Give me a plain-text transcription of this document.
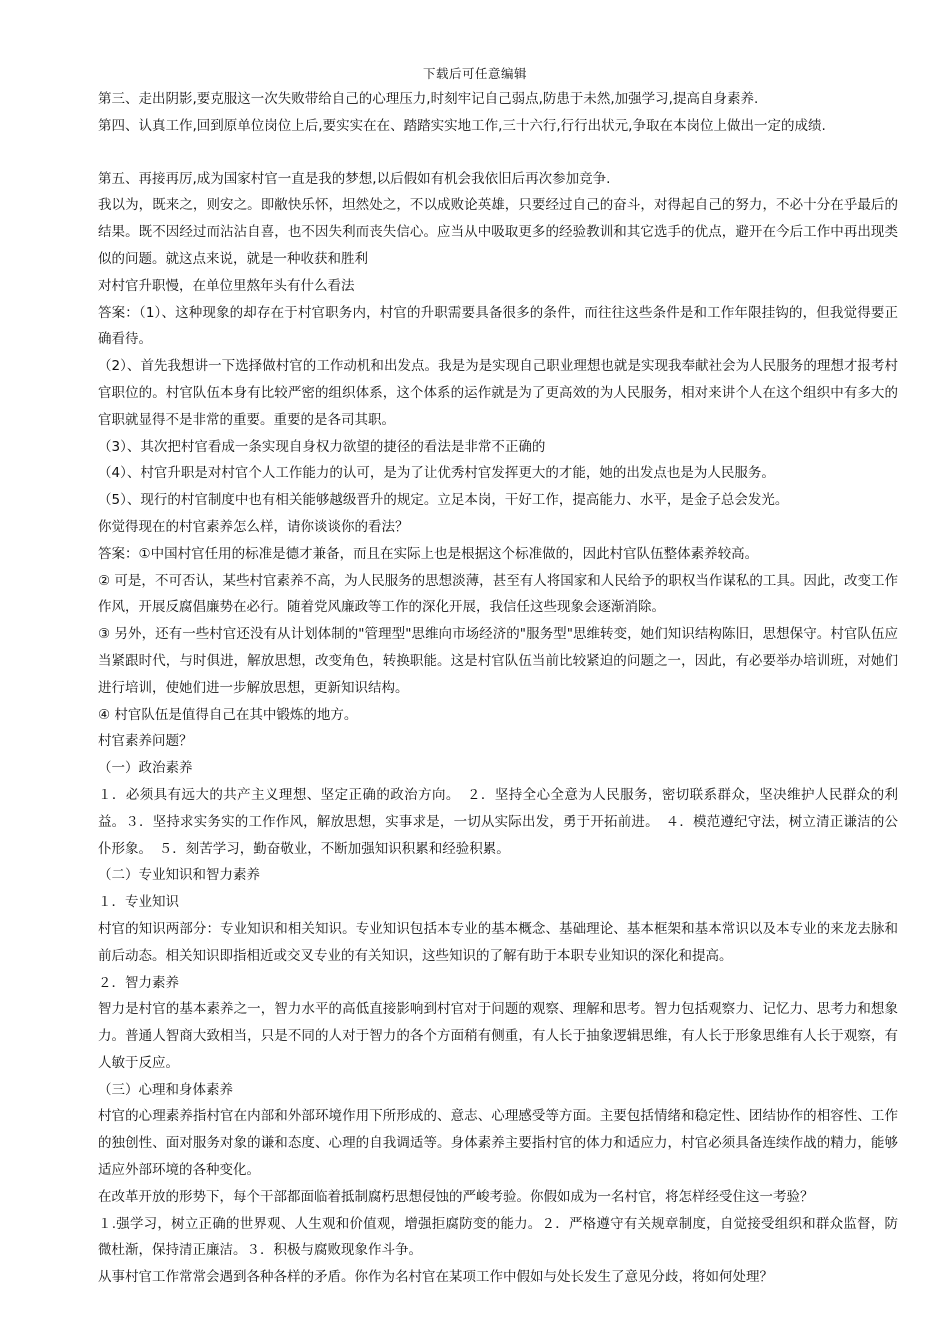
下载后可任意编辑

第三、走出阴影,要克服这一次失败带给自己的心理压力,时刻牢记自己弱点,防患于未然,加强学习,提高自身素养.

第四、认真工作,回到原单位岗位上后,要实实在在、踏踏实实地工作,三十六行,行行出状元,争取在本岗位上做出一定的成绩.

第五、再接再厉,成为国家村官一直是我的梦想,以后假如有机会我依旧后再次参加竞争.

我以为，既来之，则安之。即敝快乐怀，坦然处之，不以成败论英雄，只要经过自己的奋斗，对得起自己的努力，不必十分在乎最后的结果。既不因经过而沾沾自喜，也不因失利而丧失信心。应当从中吸取更多的经验教训和其它选手的优点，避开在今后工作中再出现类似的问题。就这点来说，就是一种收获和胜利

对村官升职慢，在单位里熬年头有什么看法

答案：（1）、这种现象的却存在于村官职务内，村官的升职需要具备很多的条件，而往往这些条件是和工作年限挂钩的，但我觉得要正确看待。

（2）、首先我想讲一下选择做村官的工作动机和出发点。我是为是实现自己职业理想也就是实现我奉献社会为人民服务的理想才报考村官职位的。村官队伍本身有比较严密的组织体系，这个体系的运作就是为了更高效的为人民服务，相对来讲个人在这个组织中有多大的官职就显得不是非常的重要。重要的是各司其职。

（3）、其次把村官看成一条实现自身权力欲望的捷径的看法是非常不正确的

（4）、村官升职是对村官个人工作能力的认可，是为了让优秀村官发挥更大的才能，她的出发点也是为人民服务。

（5）、现行的村官制度中也有相关能够越级晋升的规定。立足本岗，干好工作，提高能力、水平，是金子总会发光。

你觉得现在的村官素养怎么样，请你谈谈你的看法？

答案：①中国村官任用的标准是德才兼备，而且在实际上也是根据这个标准做的，因此村官队伍整体素养较高。

② 可是，不可否认，某些村官素养不高，为人民服务的思想淡薄，甚至有人将国家和人民给予的职权当作谋私的工具。因此，改变工作作风，开展反腐倡廉势在必行。随着党风廉政等工作的深化开展，我信任这些现象会逐渐消除。

③ 另外，还有一些村官还没有从计划体制的"管理型"思维向市场经济的"服务型"思维转变，她们知识结构陈旧，思想保守。村官队伍应当紧跟时代，与时俱进，解放思想，改变角色，转换职能。这是村官队伍当前比较紧迫的问题之一，因此，有必要举办培训班，对她们进行培训，使她们进一步解放思想，更新知识结构。

④ 村官队伍是值得自己在其中锻炼的地方。

村官素养问题？

（一）政治素养

１．必须具有远大的共产主义理想、坚定正确的政治方向。　２．坚持全心全意为人民服务，密切联系群众，坚决维护人民群众的利益。３．坚持求实务实的工作作风，解放思想，实事求是，一切从实际出发，勇于开拓前进。　４．模范遵纪守法，树立清正谦洁的公仆形象。　５．刻苦学习，勤奋敬业，不断加强知识积累和经验积累。

（二）专业知识和智力素养

１．专业知识

村官的知识两部分：专业知识和相关知识。专业知识包括本专业的基本概念、基础理论、基本框架和基本常识以及本专业的来龙去脉和前后动态。相关知识即指相近或交叉专业的有关知识，这些知识的了解有助于本职专业知识的深化和提高。

２．智力素养

智力是村官的基本素养之一，智力水平的高低直接影响到村官对于问题的观察、理解和思考。智力包括观察力、记忆力、思考力和想象力。普通人智商大致相当，只是不同的人对于智力的各个方面稍有侧重，有人长于抽象逻辑思维，有人长于形象思维有人长于观察，有人敏于反应。

（三）心理和身体素养

村官的心理素养指村官在内部和外部环境作用下所形成的、意志、心理感受等方面。主要包括情绪和稳定性、团结协作的相容性、工作的独创性、面对服务对象的谦和态度、心理的自我调适等。身体素养主要指村官的体力和适应力，村官必须具备连续作战的精力，能够适应外部环境的各种变化。

在改革开放的形势下，每个干部都面临着抵制腐朽思想侵蚀的严峻考验。你假如成为一名村官，将怎样经受住这一考验？

１.强学习，树立正确的世界观、人生观和价值观，增强拒腐防变的能力。２．严格遵守有关规章制度，自觉接受组织和群众监督，防微杜渐，保持清正廉洁。３．积极与腐败现象作斗争。

从事村官工作常常会遇到各种各样的矛盾。你作为名村官在某项工作中假如与处长发生了意见分歧，将如何处理？
